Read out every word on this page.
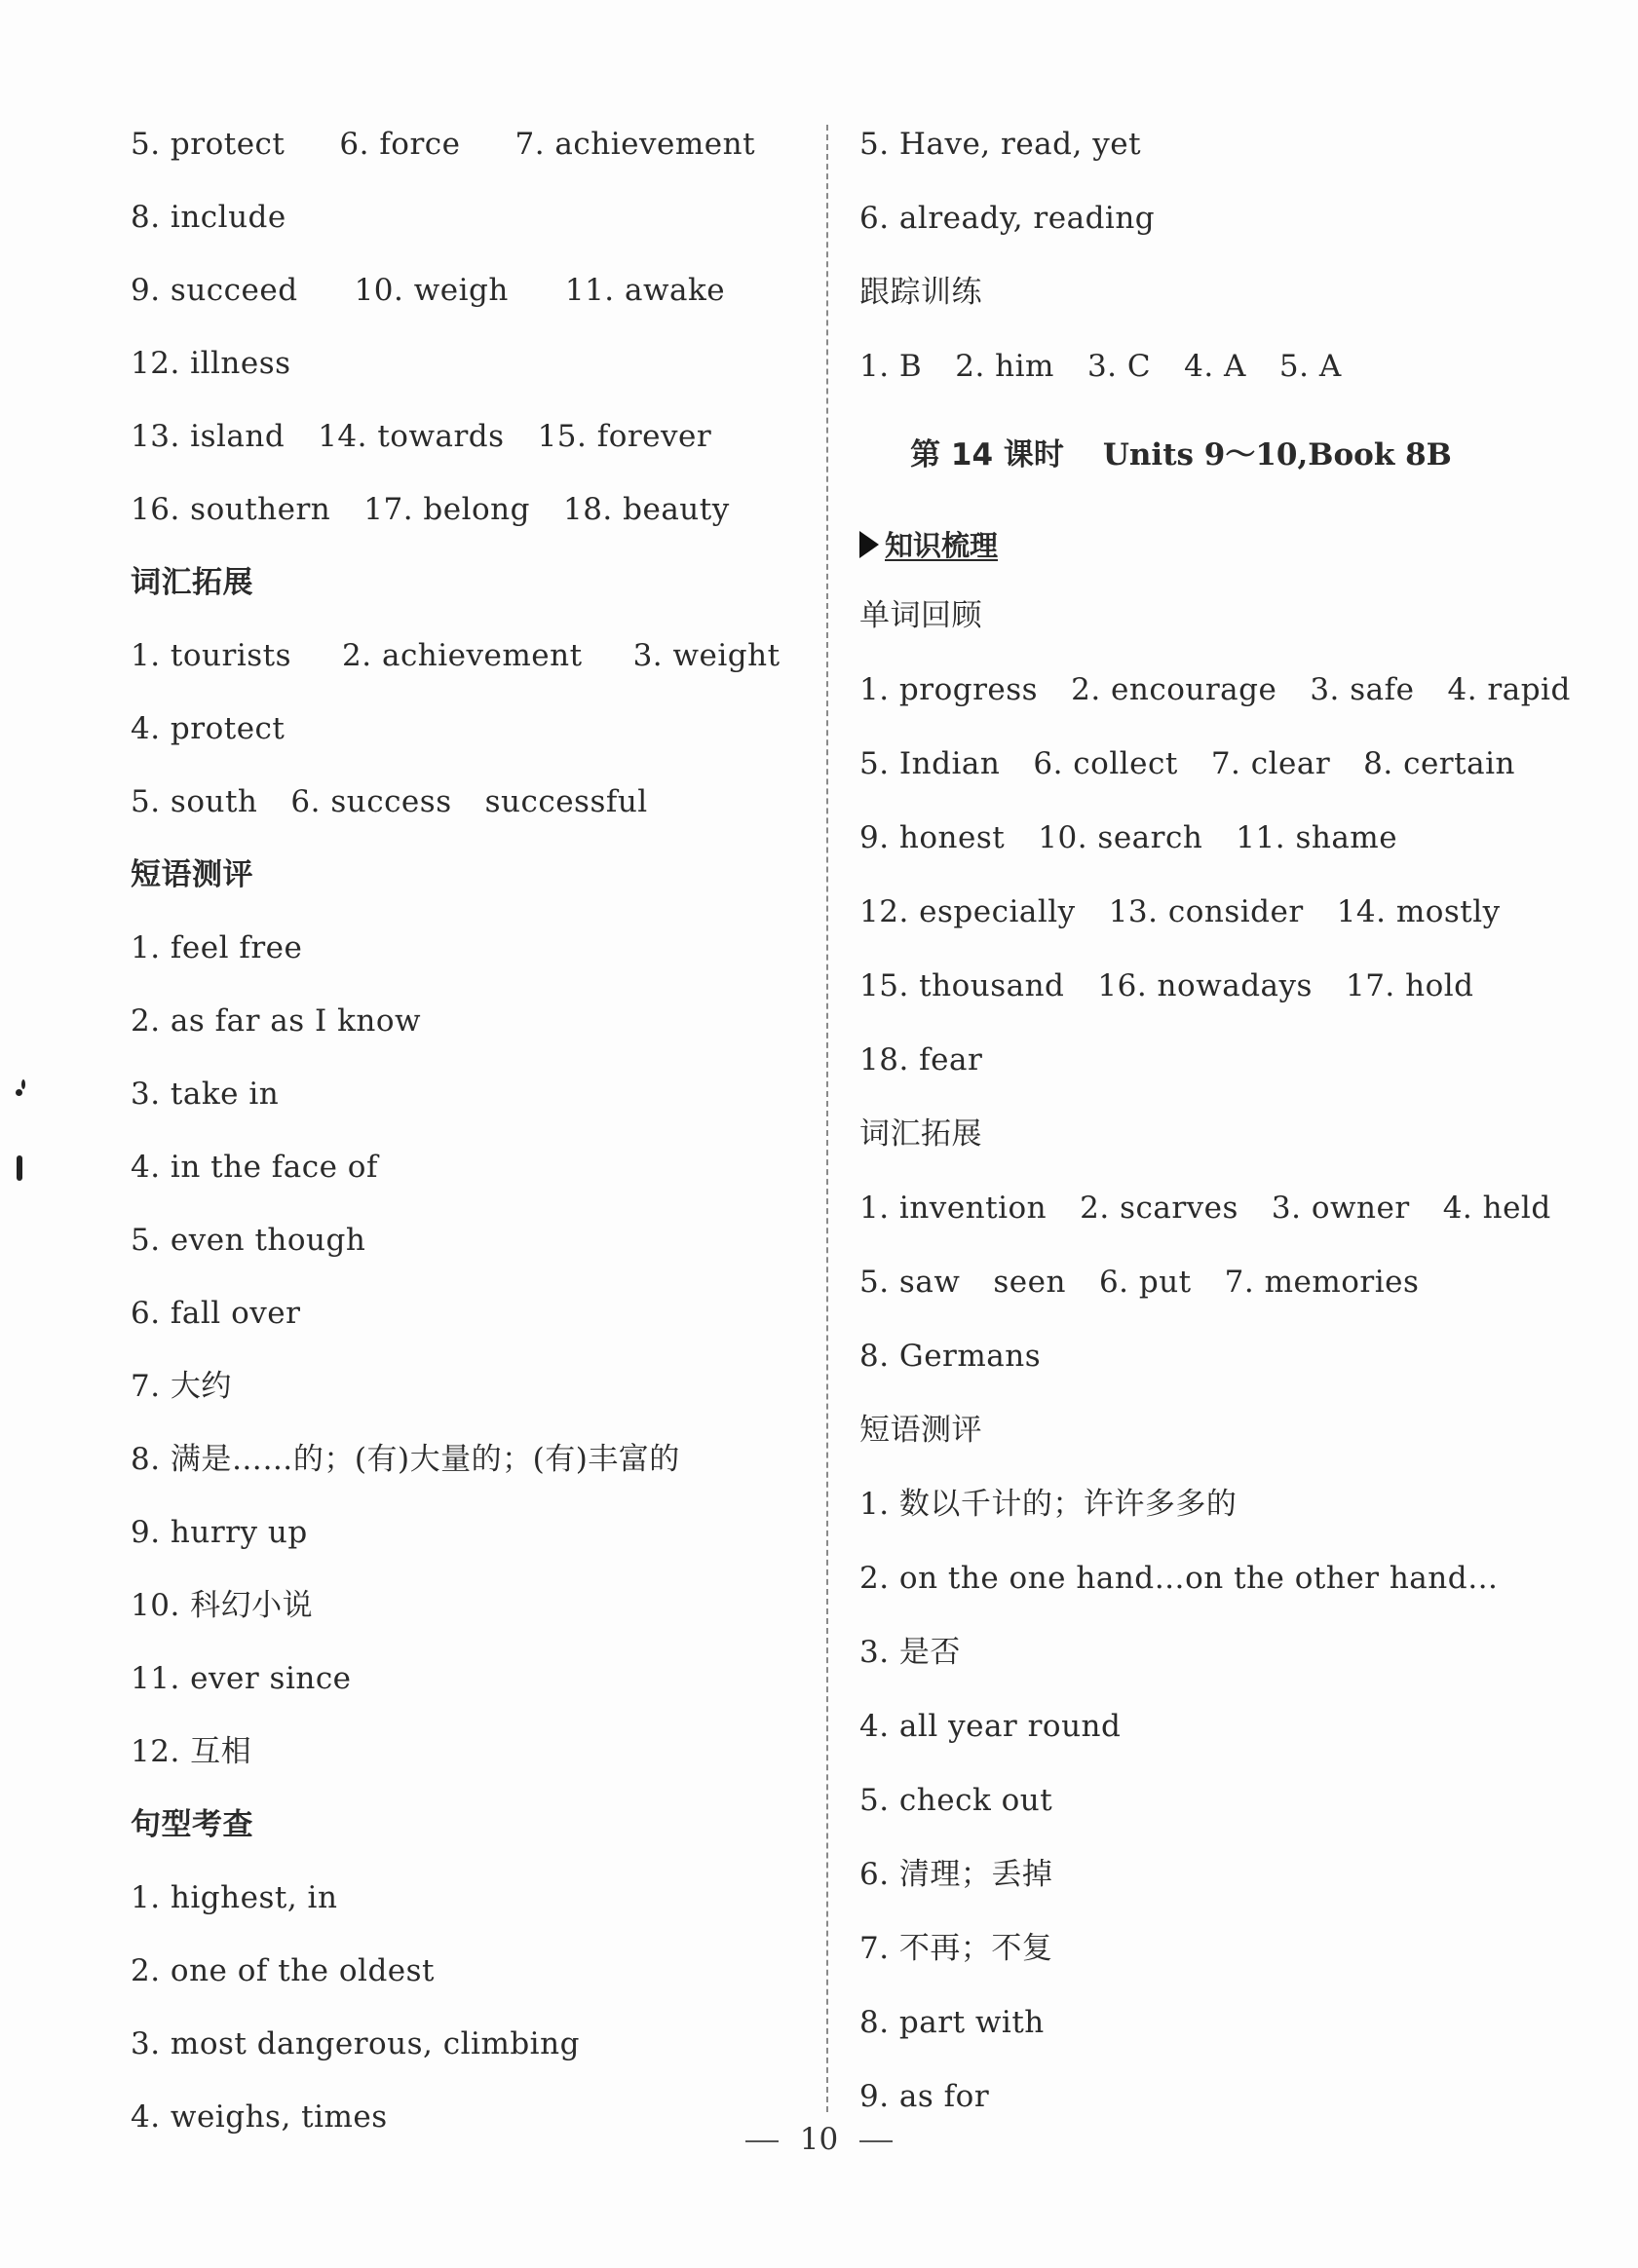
5. protect 6. force 7. achievement
8. include
9. succeed 10. weigh 11. awake
12. illness
13. island 14. towards 15. forever
16. southern 17. belong 18. beauty
词汇拓展
1. tourists 2. achievement 3. weight
4. protect
5. south 6. success successful
短语测评
1. feel free
2. as far as I know
3. take in
4. in the face of
5. even though
6. fall over
7. 大约
8. 满是……的；(有)大量的；(有)丰富的
9. hurry up
10. 科幻小说
11. ever since
12. 互相
句型考查
1. highest, in
2. one of the oldest
3. most dangerous, climbing
4. weighs, times
5. Have, read, yet
6. already, reading
跟踪训练
1. B 2. him 3. C 4. A 5. A
第 14 课时 Units 9～10,Book 8B
知识梳理
单词回顾
1. progress 2. encourage 3. safe 4. rapid
5. Indian 6. collect 7. clear 8. certain
9. honest 10. search 11. shame
12. especially 13. consider 14. mostly
15. thousand 16. nowadays 17. hold
18. fear
词汇拓展
1. invention 2. scarves 3. owner 4. held
5. saw seen 6. put 7. memories
8. Germans
短语测评
1. 数以千计的；许许多多的
2. on the one hand…on the other hand…
3. 是否
4. all year round
5. check out
6. 清理；丢掉
7. 不再；不复
8. part with
9. as for
10
